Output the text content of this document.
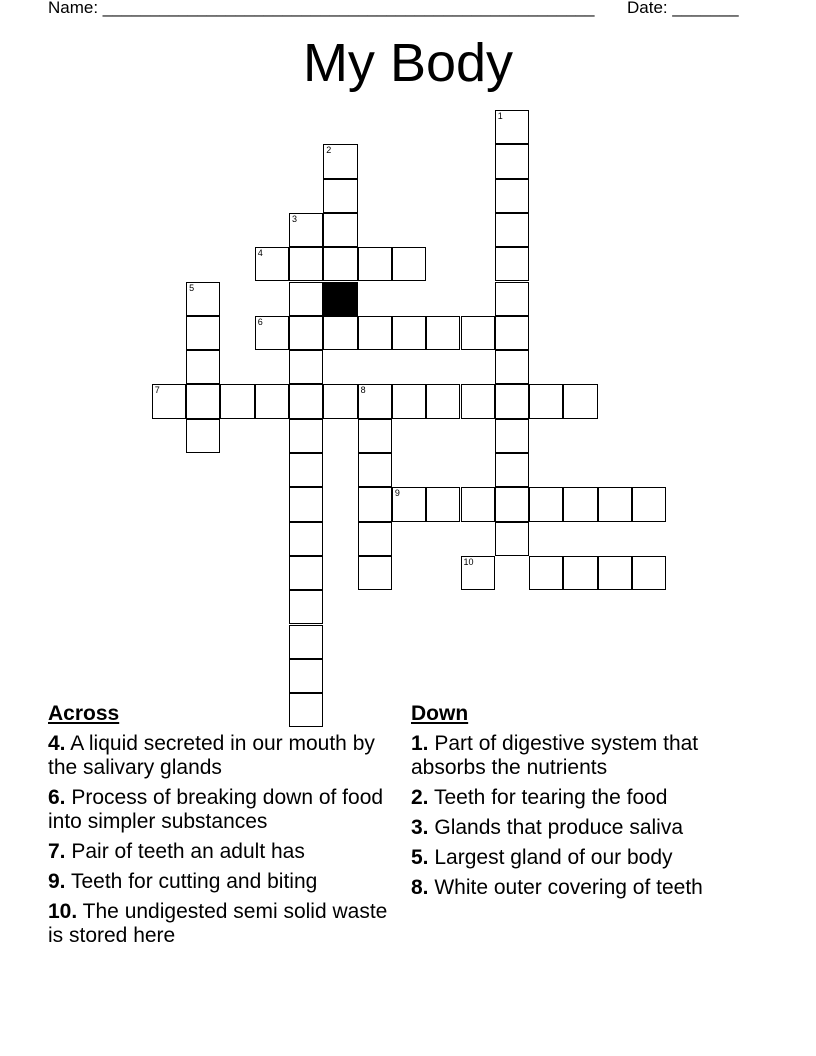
Name: ____________________________________________________ Date: _______
My Body
1
2
3
4
5
6
7	8
9
10
Across
4. A liquid secreted in our mouth by the salivary glands
6. Process of breaking down of food into simpler substances
7. Pair of teeth an adult has
9. Teeth for cutting and biting
10. The undigested semi solid waste is stored here
Down
1. Part of digestive system that absorbs the nutrients
2. Teeth for tearing the food
3. Glands that produce saliva
5. Largest gland of our body
8. White outer covering of teeth
